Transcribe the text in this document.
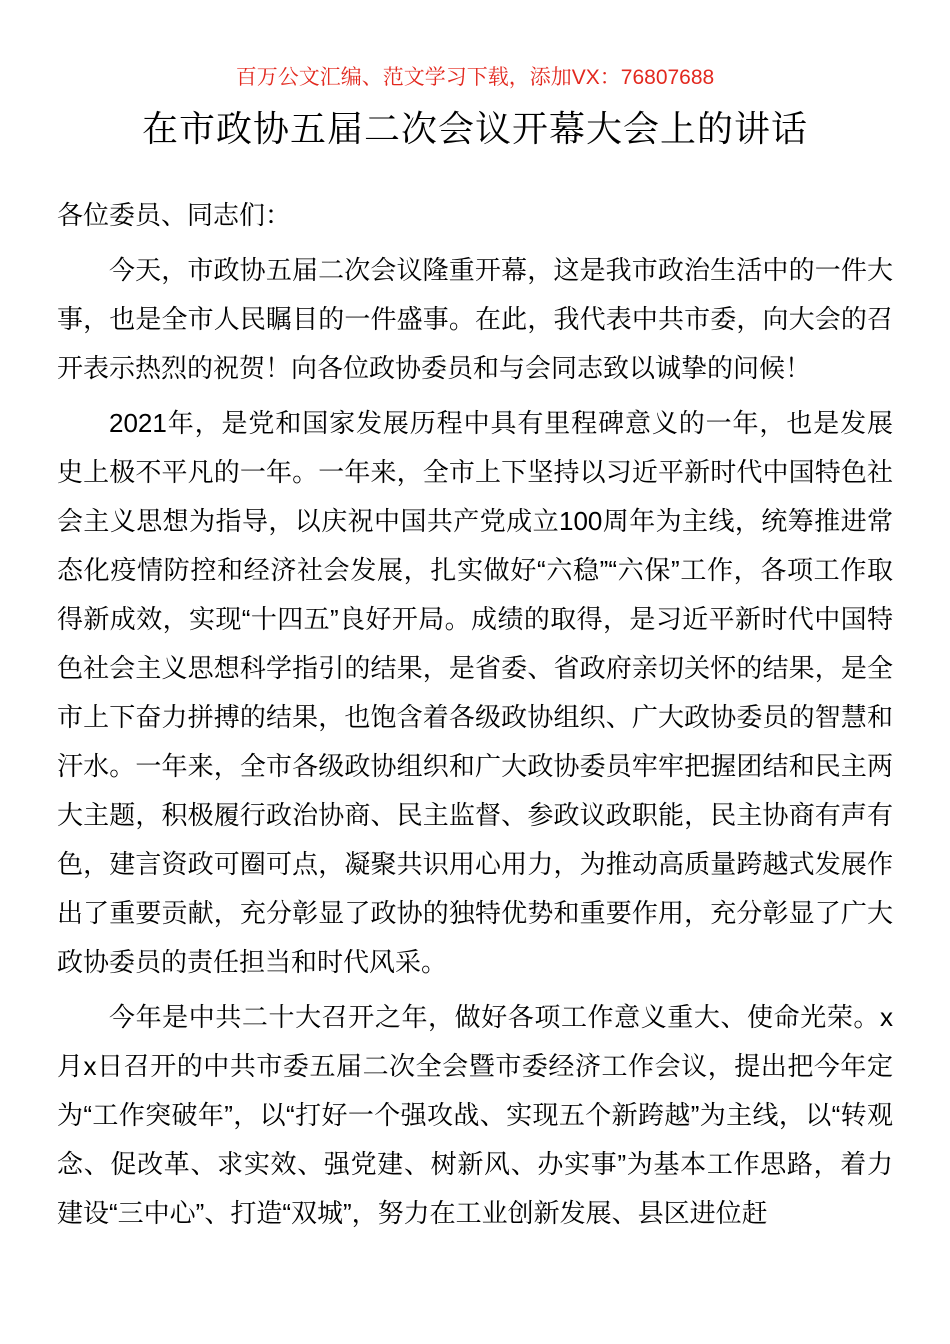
百万公文汇编、范文学习下载，添加VX：76807688
在市政协五届二次会议开幕大会上的讲话

各位委员、同志们：

今天，市政协五届二次会议隆重开幕，这是我市政治生活中的一件大事，也是全市人民瞩目的一件盛事。在此，我代表中共市委，向大会的召开表示热烈的祝贺！向各位政协委员和与会同志致以诚挚的问候！

2021年，是党和国家发展历程中具有里程碑意义的一年，也是发展史上极不平凡的一年。一年来，全市上下坚持以习近平新时代中国特色社会主义思想为指导，以庆祝中国共产党成立100周年为主线，统筹推进常态化疫情防控和经济社会发展，扎实做好“六稳”“六保”工作，各项工作取得新成效，实现“十四五”良好开局。成绩的取得，是习近平新时代中国特色社会主义思想科学指引的结果，是省委、省政府亲切关怀的结果，是全市上下奋力拼搏的结果，也饱含着各级政协组织、广大政协委员的智慧和汗水。一年来，全市各级政协组织和广大政协委员牢牢把握团结和民主两大主题，积极履行政治协商、民主监督、参政议政职能，民主协商有声有色，建言资政可圈可点，凝聚共识用心用力，为推动高质量跨越式发展作出了重要贡献，充分彰显了政协的独特优势和重要作用，充分彰显了广大政协委员的责任担当和时代风采。

今年是中共二十大召开之年，做好各项工作意义重大、使命光荣。x月x日召开的中共市委五届二次全会暨市委经济工作会议，提出把今年定为“工作突破年”，以“打好一个强攻战、实现五个新跨越”为主线，以“转观念、促改革、求实效、强党建、树新风、办实事”为基本工作思路，着力建设“三中心”、打造“双城”，努力在工业创新发展、县区进位赶
